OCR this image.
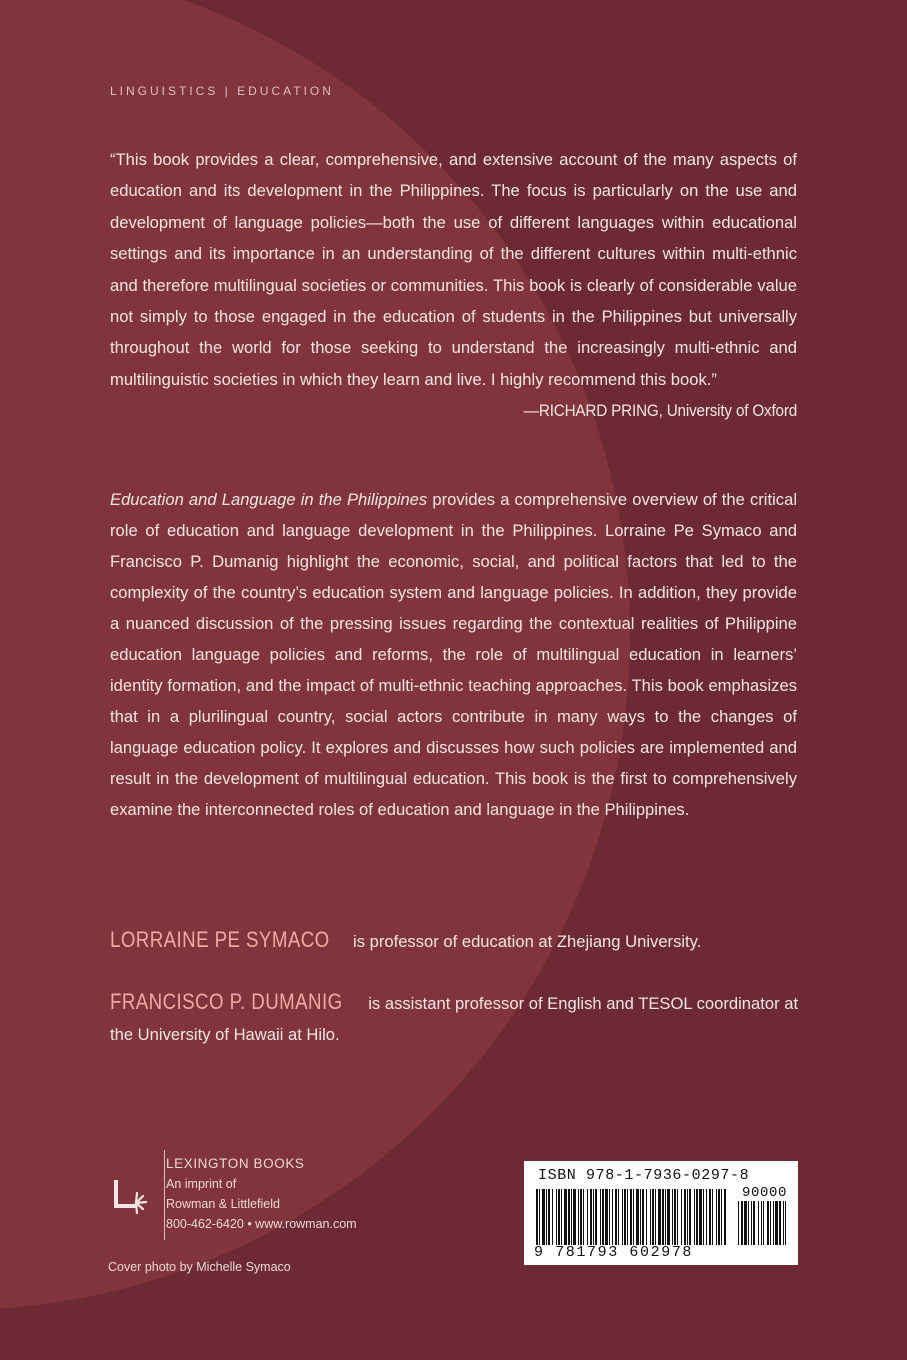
LINGUISTICS | EDUCATION
“This book provides a clear, comprehensive, and extensive account of the many aspects of education and its development in the Philippines. The focus is particularly on the use and development of language policies—both the use of different languages within educational settings and its importance in an understanding of the different cultures within multi-ethnic and therefore multilingual societies or communities. This book is clearly of considerable value not simply to those engaged in the education of students in the Philippines but universally throughout the world for those seeking to understand the increasingly multi-ethnic and multilinguistic societies in which they learn and live. I highly recommend this book.”
—RICHARD PRING, University of Oxford
Education and Language in the Philippines provides a comprehensive overview of the critical role of education and language development in the Philippines. Lorraine Pe Symaco and Francisco P. Dumanig highlight the economic, social, and political factors that led to the complexity of the country’s education system and language policies. In addition, they provide a nuanced discussion of the pressing issues regarding the contextual realities of Philippine education language policies and reforms, the role of multilingual education in learners’ identity formation, and the impact of multi-ethnic teaching approaches. This book emphasizes that in a plurilingual country, social actors contribute in many ways to the changes of language education policy. It explores and discusses how such policies are implemented and result in the development of multilingual education. This book is the first to comprehensively examine the interconnected roles of education and language in the Philippines.
LORRAINE PE SYMACO is professor of education at Zhejiang University.
FRANCISCO P. DUMANIG is assistant professor of English and TESOL coordinator at the University of Hawaii at Hilo.
LEXINGTON BOOKS
An imprint of
Rowman & Littlefield
800-462-6420 • www.rowman.com
Cover photo by Michelle Symaco
ISBN 978-1-7936-0297-8
90000
9 781793 602978
